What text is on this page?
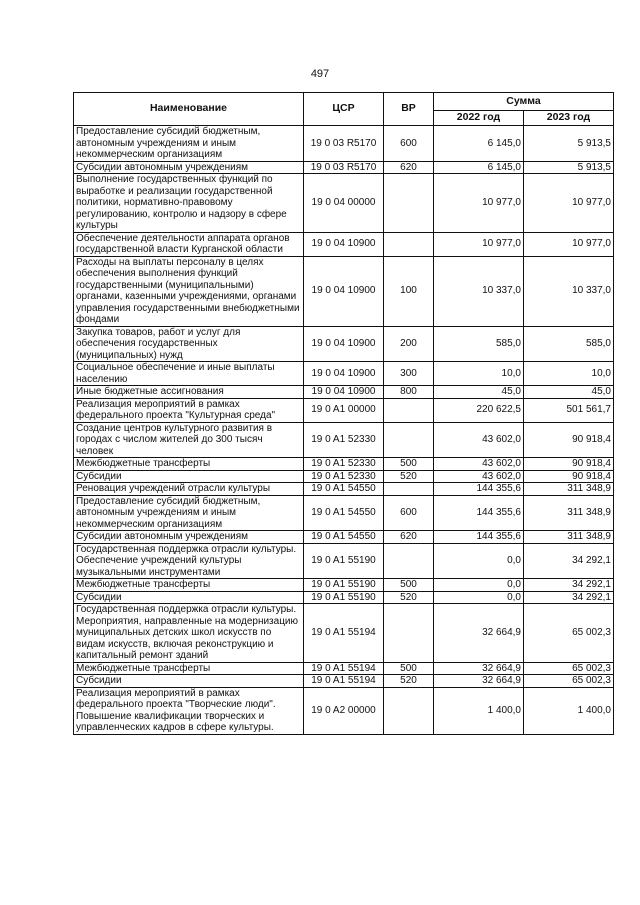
497
Наименование	ЦСР	ВР	Сумма	
			2022 год	2023 год
Предоставление субсидий бюджетным, автономным учреждениям и иным некоммерческим организациям	19 0 03 R5170	600	6 145,0	5 913,5
Субсидии автономным учреждениям	19 0 03 R5170	620	6 145,0	5 913,5
Выполнение государственных функций по выработке и реализации государственной политики, нормативно-правовому регулированию, контролю и надзору в сфере культуры	19 0 04 00000		10 977,0	10 977,0
Обеспечение деятельности аппарата органов государственной власти Курганской области	19 0 04 10900		10 977,0	10 977,0
Расходы на выплаты персоналу в целях обеспечения выполнения функций государственными (муниципальными) органами, казенными учреждениями, органами управления государственными внебюджетными фондами	19 0 04 10900	100	10 337,0	10 337,0
Закупка товаров, работ и услуг для обеспечения государственных (муниципальных) нужд	19 0 04 10900	200	585,0	585,0
Социальное обеспечение и иные выплаты населению	19 0 04 10900	300	10,0	10,0
Иные бюджетные ассигнования	19 0 04 10900	800	45,0	45,0
Реализация мероприятий в рамках федерального проекта "Культурная среда"	19 0 A1 00000		220 622,5	501 561,7
Создание центров культурного развития в городах с числом жителей до 300 тысяч человек	19 0 A1 52330		43 602,0	90 918,4
Межбюджетные трансферты	19 0 A1 52330	500	43 602,0	90 918,4
Субсидии	19 0 A1 52330	520	43 602,0	90 918,4
Реновация учреждений отрасли культуры	19 0 A1 54550		144 355,6	311 348,9
Предоставление субсидий бюджетным, автономным учреждениям и иным некоммерческим организациям	19 0 A1 54550	600	144 355,6	311 348,9
Субсидии автономным учреждениям	19 0 A1 54550	620	144 355,6	311 348,9
Государственная поддержка отрасли культуры. Обеспечение учреждений культуры музыкальными инструментами	19 0 A1 55190		0,0	34 292,1
Межбюджетные трансферты	19 0 A1 55190	500	0,0	34 292,1
Субсидии	19 0 A1 55190	520	0,0	34 292,1
Государственная поддержка отрасли культуры. Мероприятия, направленные на модернизацию муниципальных детских школ искусств по видам искусств, включая реконструкцию и капитальный ремонт зданий	19 0 A1 55194		32 664,9	65 002,3
Межбюджетные трансферты	19 0 A1 55194	500	32 664,9	65 002,3
Субсидии	19 0 A1 55194	520	32 664,9	65 002,3
Реализация мероприятий в рамках федерального проекта "Творческие люди". Повышение квалификации творческих и управленческих кадров в сфере культуры.	19 0 A2 00000		1 400,0	1 400,0
